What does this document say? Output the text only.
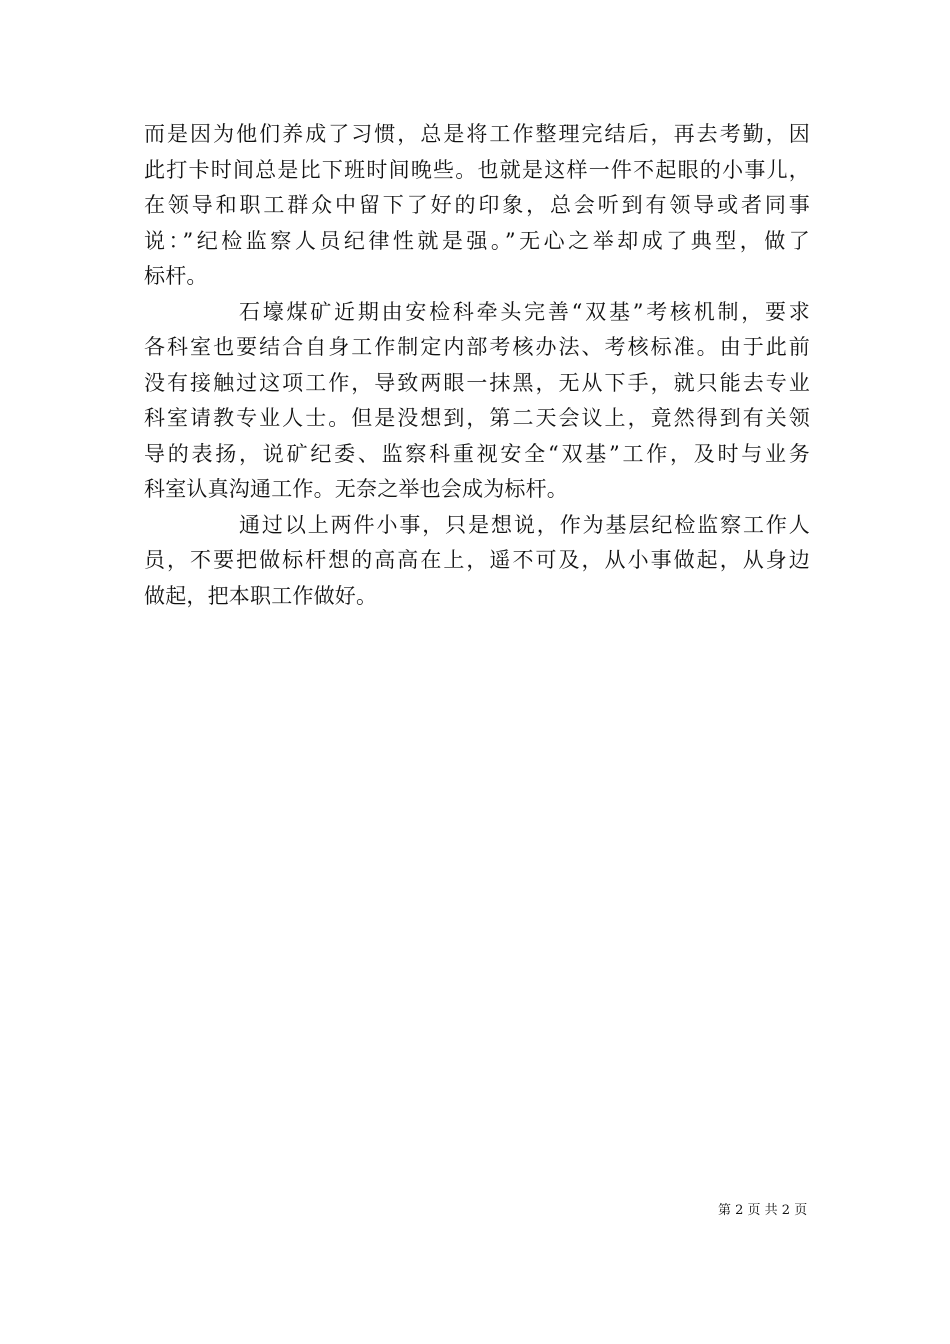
而是因为他们养成了习惯，总是将工作整理完结后，再去考勤，因
此打卡时间总是比下班时间晚些。也就是这样一件不起眼的小事儿，
在领导和职工群众中留下了好的印象，总会听到有领导或者同事
说：”纪检监察人员纪律性就是强。”无心之举却成了典型，做了
标杆。
石壕煤矿近期由安检科牵头完善“双基”考核机制，要求
各科室也要结合自身工作制定内部考核办法、考核标准。由于此前
没有接触过这项工作，导致两眼一抹黑，无从下手，就只能去专业
科室请教专业人士。但是没想到，第二天会议上，竟然得到有关领
导的表扬，说矿纪委、监察科重视安全“双基”工作，及时与业务
科室认真沟通工作。无奈之举也会成为标杆。
通过以上两件小事，只是想说，作为基层纪检监察工作人
员，不要把做标杆想的高高在上，遥不可及，从小事做起，从身边
做起，把本职工作做好。
第 2 页 共 2 页
